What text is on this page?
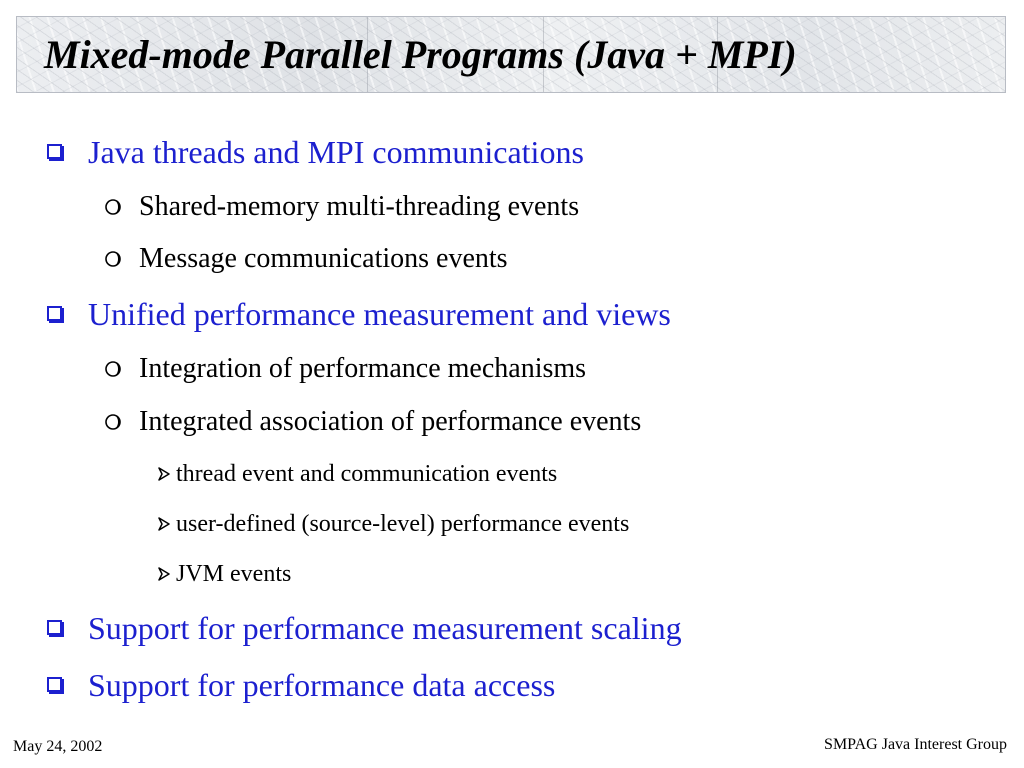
Mixed-mode Parallel Programs (Java + MPI)
Java threads and MPI communications
Shared-memory multi-threading events
Message communications events
Unified performance measurement and views
Integration of performance mechanisms
Integrated association of performance events
thread event and communication events
user-defined (source-level) performance events
JVM events
Support for performance measurement scaling
Support for performance data access
May 24, 2002	SMPAG Java Interest Group
